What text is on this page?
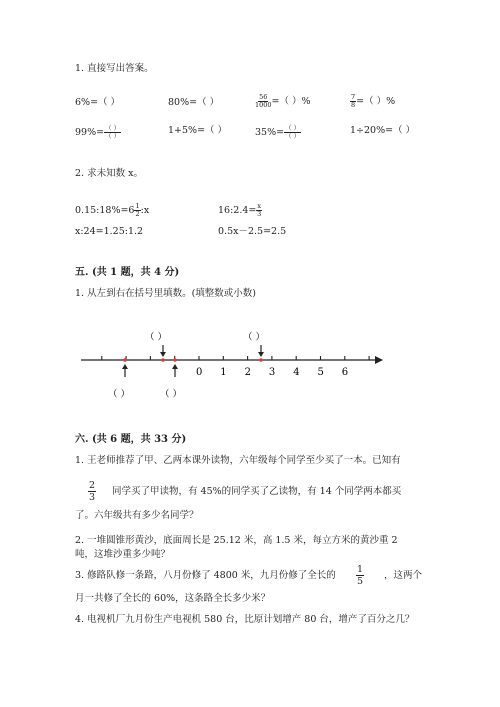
1. 直接写出答案。
6%=（ ）	80%=（ ）	$\frac{56}{1000}$ =（ ）%	$\frac{7}{8}$ =（ ）%
$99\%= \frac{( )}{( )}$	1+5%=（ ）	$35\%= \frac{( )}{( )}$	1÷20%=（ ）
2. 求未知数 x。
0.15:18%=6 $\frac{1}{2}$ :x	16:2.4= $\frac{x}{3}$
x:24=1.25:1.2	0.5x－2.5=2.5
五. (共 1 题，共 4 分)
1. 从左到右在括号里填数。(填整数或小数)
0 1 2 3 4 5 6
（ ）	（ ）
（ ）	（ ）
六. (共 6 题，共 33 分)
1. 王老师推荐了甲、乙两本课外读物，六年级每个同学至少买了一本。已知有
$\frac{2}{3}$ 同学买了甲读物，有 45%的同学买了乙读物，有 14 个同学两本都买
了。六年级共有多少名同学？
2. 一堆圆锥形黄沙，底面周长是 25.12 米，高 1.5 米，每立方米的黄沙重 2
吨，这堆沙重多少吨？
3. 修路队修一条路，八月份修了 4800 米，九月份修了全长的 $\frac{1}{5}$ ，这两个
月一共修了全长的 60%，这条路全长多少米？
4. 电视机厂九月份生产电视机 580 台，比原计划增产 80 台，增产了百分之几？
